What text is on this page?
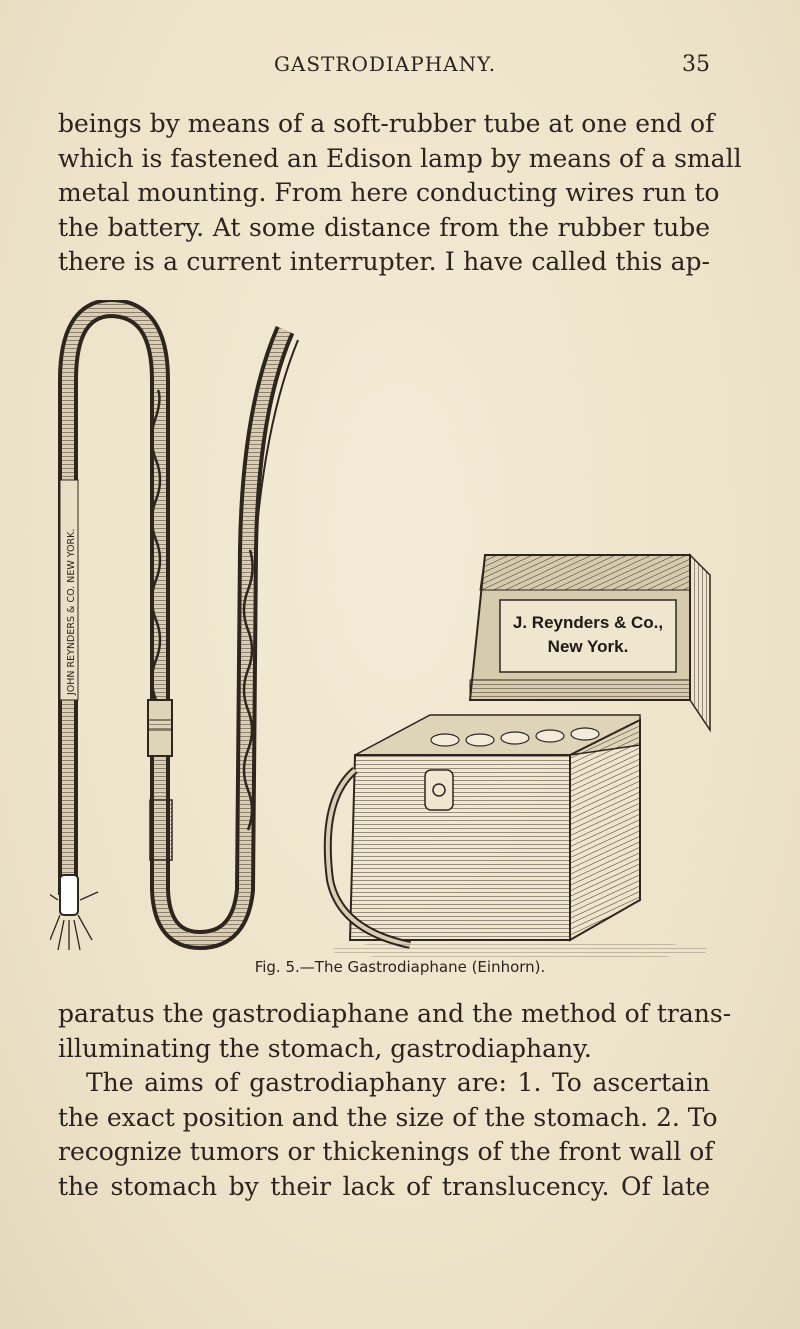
GASTRODIAPHANY.	35
beings by means of a soft-rubber tube at one end of
which is fastened an Edison lamp by means of a small
metal mounting. From here conducting wires run to
the battery. At some distance from the rubber tube
there is a current interrupter. I have called this ap-
JOHN REYNDERS & CO. NEW YORK.	J. Reynders & Co.,
New York.
Fig. 5.—The Gastrodiaphane (Einhorn).
paratus the gastrodiaphane and the method of trans-
illuminating the stomach, gastrodiaphany.
The aims of gastrodiaphany are: 1. To ascertain
the exact position and the size of the stomach. 2. To
recognize tumors or thickenings of the front wall of
the stomach by their lack of translucency. Of late
